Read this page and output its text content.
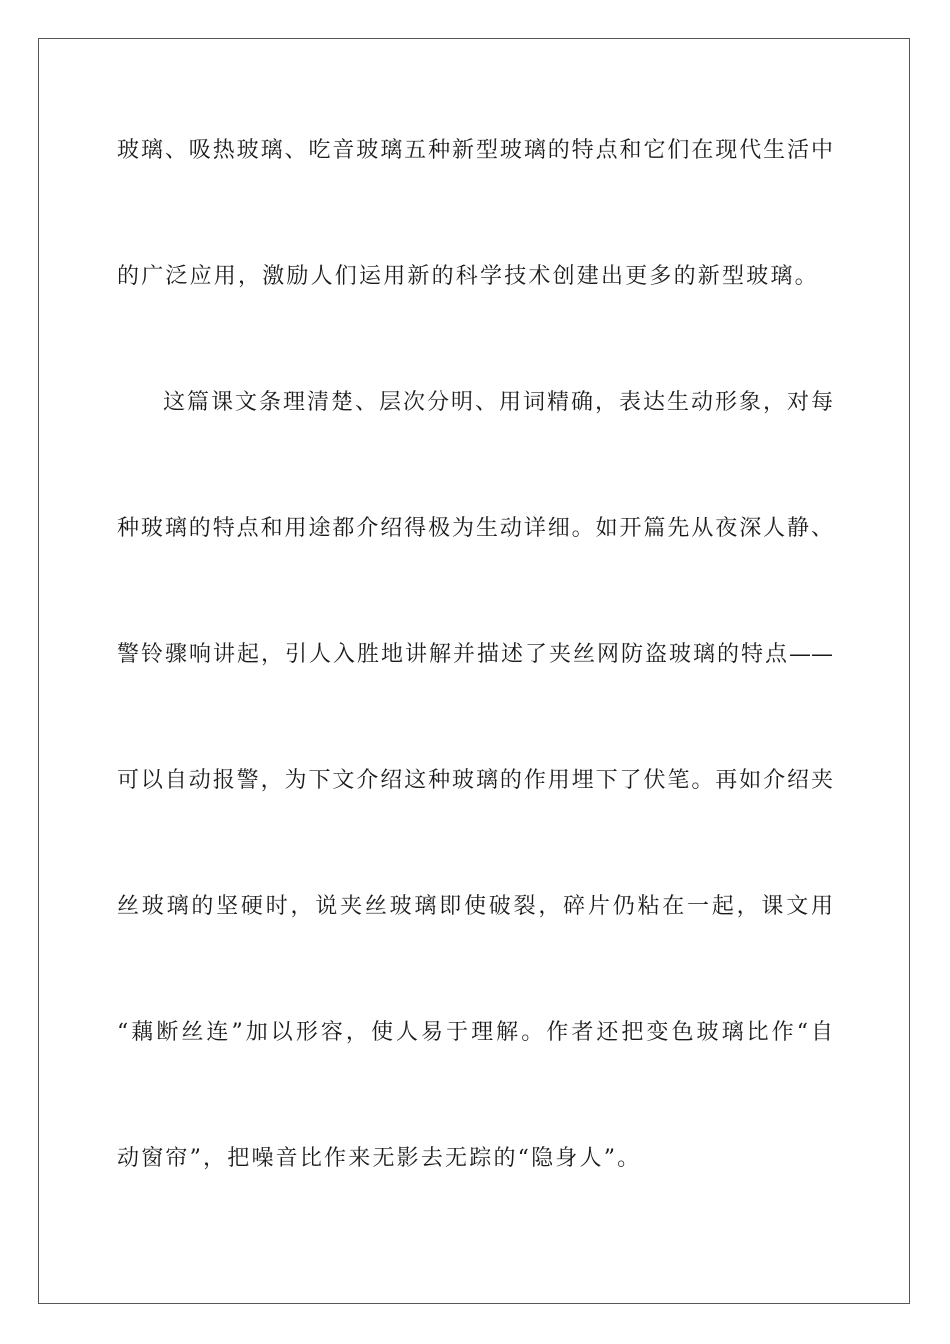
玻璃、吸热玻璃、吃音玻璃五种新型玻璃的特点和它们在现代生活中
的广泛应用，激励人们运用新的科学技术创建出更多的新型玻璃。
这篇课文条理清楚、层次分明、用词精确，表达生动形象，对每
种玻璃的特点和用途都介绍得极为生动详细。如开篇先从夜深人静、
警铃骤响讲起，引人入胜地讲解并描述了夹丝网防盗玻璃的特点——
可以自动报警，为下文介绍这种玻璃的作用埋下了伏笔。再如介绍夹
丝玻璃的坚硬时，说夹丝玻璃即使破裂，碎片仍粘在一起，课文用
“藕断丝连”加以形容，使人易于理解。作者还把变色玻璃比作“自
动窗帘”，把噪音比作来无影去无踪的“隐身人”。
